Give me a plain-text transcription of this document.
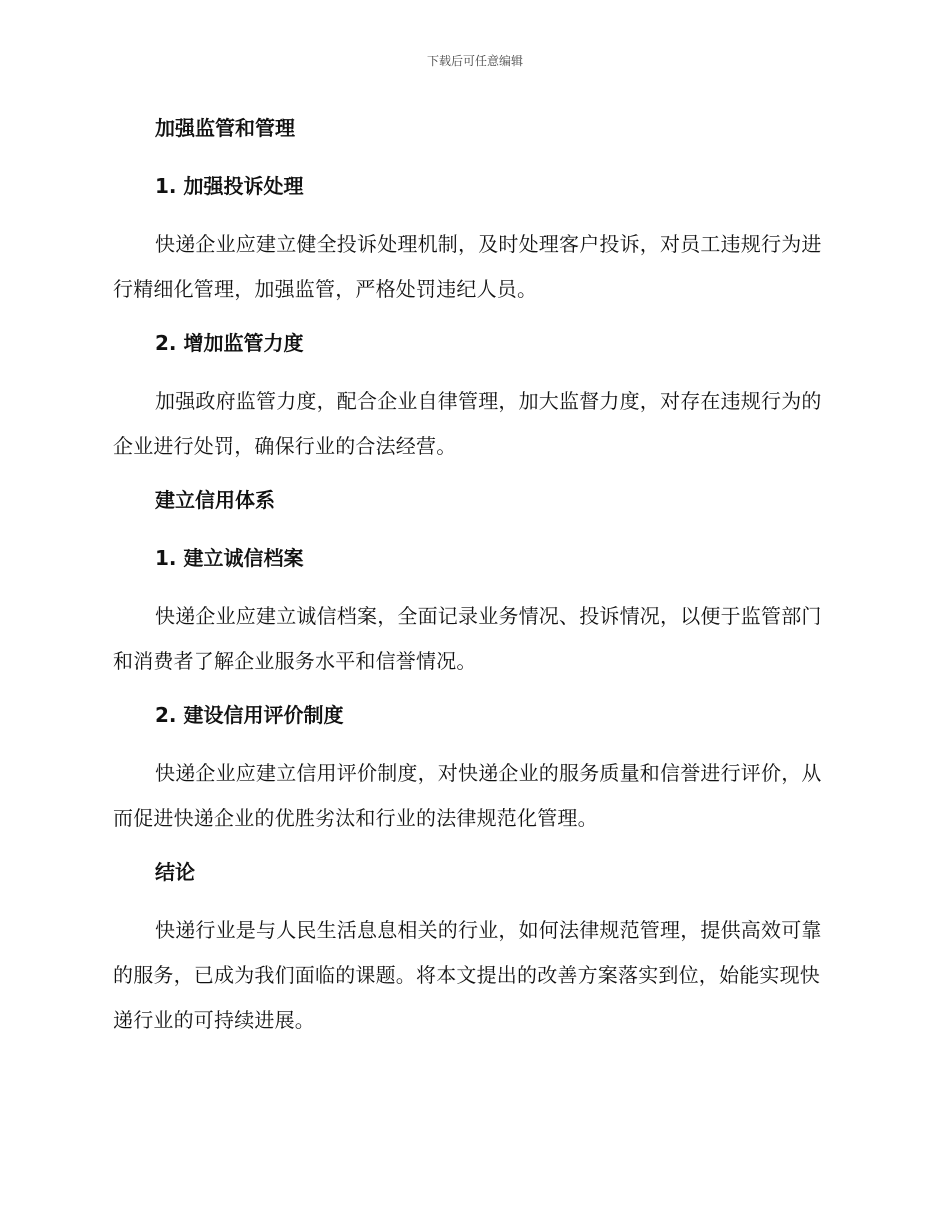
下载后可任意编辑
加强监管和管理
1. 加强投诉处理
快递企业应建立健全投诉处理机制，及时处理客户投诉，对员工违规行为进行精细化管理，加强监管，严格处罚违纪人员。
2. 增加监管力度
加强政府监管力度，配合企业自律管理，加大监督力度，对存在违规行为的企业进行处罚，确保行业的合法经营。
建立信用体系
1. 建立诚信档案
快递企业应建立诚信档案，全面记录业务情况、投诉情况，以便于监管部门和消费者了解企业服务水平和信誉情况。
2. 建设信用评价制度
快递企业应建立信用评价制度，对快递企业的服务质量和信誉进行评价，从而促进快递企业的优胜劣汰和行业的法律规范化管理。
结论
快递行业是与人民生活息息相关的行业，如何法律规范管理，提供高效可靠的服务，已成为我们面临的课题。将本文提出的改善方案落实到位，始能实现快递行业的可持续进展。
